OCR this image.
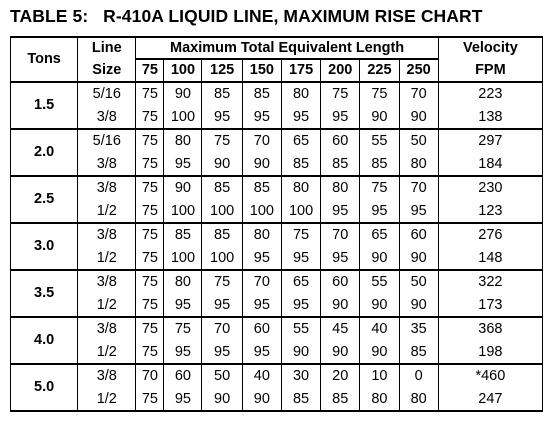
TABLE 5:   R-410A LIQUID LINE, MAXIMUM RISE CHART
Tons	Line	Maximum Total Equivalent Length								Velocity
	Size	75	100	125	150	175	200	225	250	FPM
1.5	5/16	75	90	85	85	80	75	75	70	223
	3/8	75	100	95	95	95	95	90	90	138
2.0	5/16	75	80	75	70	65	60	55	50	297
	3/8	75	95	90	90	85	85	85	80	184
2.5	3/8	75	90	85	85	80	80	75	70	230
	1/2	75	100	100	100	100	95	95	95	123
3.0	3/8	75	85	85	80	75	70	65	60	276
	1/2	75	100	100	95	95	95	90	90	148
3.5	3/8	75	80	75	70	65	60	55	50	322
	1/2	75	95	95	95	95	90	90	90	173
4.0	3/8	75	75	70	60	55	45	40	35	368
	1/2	75	95	95	95	90	90	90	85	198
5.0	3/8	70	60	50	40	30	20	10	0	*460
	1/2	75	95	90	90	85	85	80	80	247
